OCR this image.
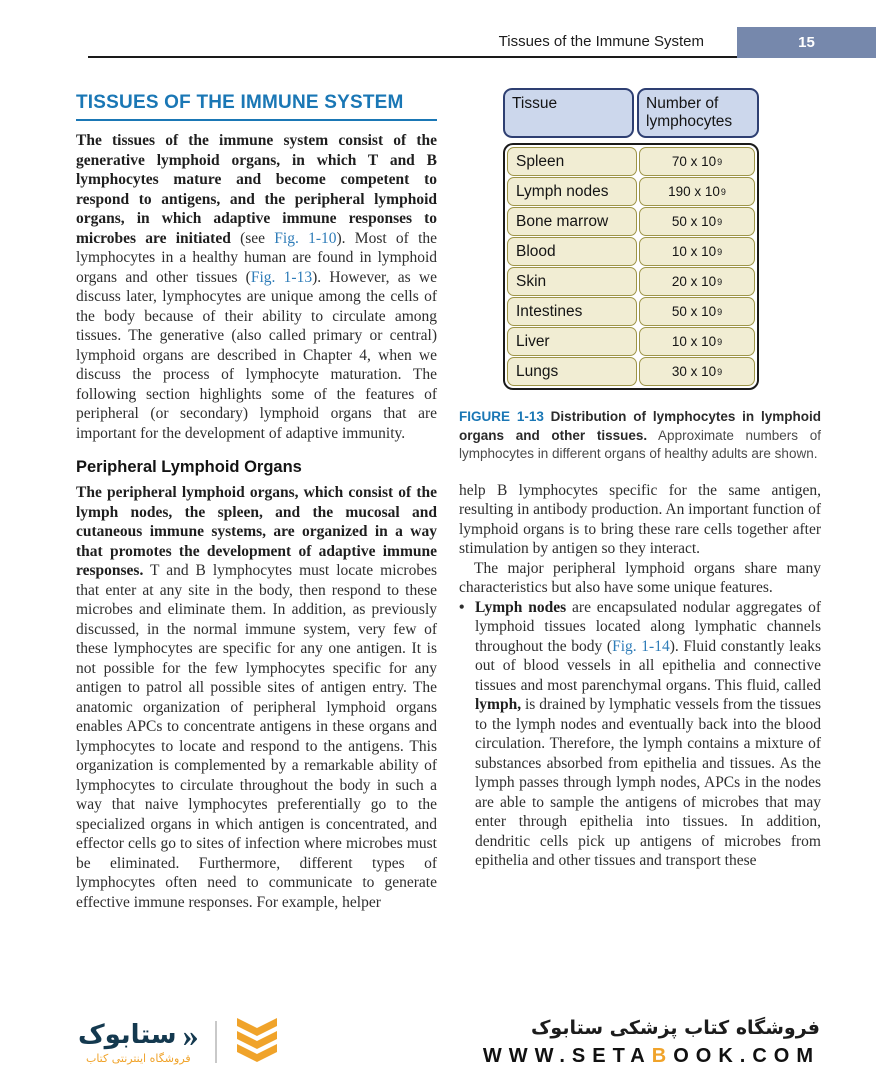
Tissues of the Immune System	15
TISSUES OF THE IMMUNE SYSTEM

The tissues of the immune system consist of the generative lymphoid organs, in which T and B lymphocytes mature and become competent to respond to antigens, and the peripheral lymphoid organs, in which adaptive immune responses to microbes are initiated (see Fig. 1-10). Most of the lymphocytes in a healthy human are found in lymphoid organs and other tissues (Fig. 1-13). However, as we discuss later, lymphocytes are unique among the cells of the body because of their ability to circulate among tissues. The generative (also called primary or central) lymphoid organs are described in Chapter 4, when we discuss the process of lymphocyte maturation. The following section highlights some of the features of peripheral (or secondary) lymphoid organs that are important for the development of adaptive immunity.

Peripheral Lymphoid Organs

The peripheral lymphoid organs, which consist of the lymph nodes, the spleen, and the mucosal and cutaneous immune systems, are organized in a way that promotes the development of adaptive immune responses. T and B lymphocytes must locate microbes that enter at any site in the body, then respond to these microbes and eliminate them. In addition, as previously discussed, in the normal immune system, very few of these lymphocytes are specific for any one antigen. It is not possible for the few lymphocytes specific for any antigen to patrol all possible sites of antigen entry. The anatomic organization of peripheral lymphoid organs enables APCs to concentrate antigens in these organs and lymphocytes to locate and respond to the antigens. This organization is complemented by a remarkable ability of lymphocytes to circulate throughout the body in such a way that naive lymphocytes preferentially go to the specialized organs in which antigen is concentrated, and effector cells go to sites of infection where microbes must be eliminated. Furthermore, different types of lymphocytes often need to communicate to generate effective immune responses. For example, helper

Tissue	Number of lymphocytes
Spleen	70 x 10 9
Lymph nodes	190 x 10 9
Bone marrow	50 x 10 9
Blood	10 x 10 9
Skin	20 x 10 9
Intestines	50 x 10 9
Liver	10 x 10 9
Lungs	30 x 10 9
FIGURE 1-13 Distribution of lymphocytes in lymphoid organs and other tissues. Approximate numbers of lymphocytes in different organs of healthy adults are shown.

help B lymphocytes specific for the same antigen, resulting in antibody production. An important function of lymphoid organs is to bring these rare cells together after stimulation by antigen so they interact.

The major peripheral lymphoid organs share many characteristics but also have some unique features.

• Lymph nodes are encapsulated nodular aggregates of lymphoid tissues located along lymphatic channels throughout the body (Fig. 1-14). Fluid constantly leaks out of blood vessels in all epithelia and connective tissues and most parenchymal organs. This fluid, called lymph, is drained by lymphatic vessels from the tissues to the lymph nodes and eventually back into the blood circulation. Therefore, the lymph contains a mixture of substances absorbed from epithelia and tissues. As the lymph passes through lymph nodes, APCs in the nodes are able to sample the antigens of microbes that may enter through epithelia into tissues. In addition, dendritic cells pick up antigens of microbes from epithelia and other tissues and transport these
«
ستابوک
فروشگاه اینترنتی کتاب
فروشگاه کتاب پزشکی ستابوک
WWW.SETABOOK.COM
